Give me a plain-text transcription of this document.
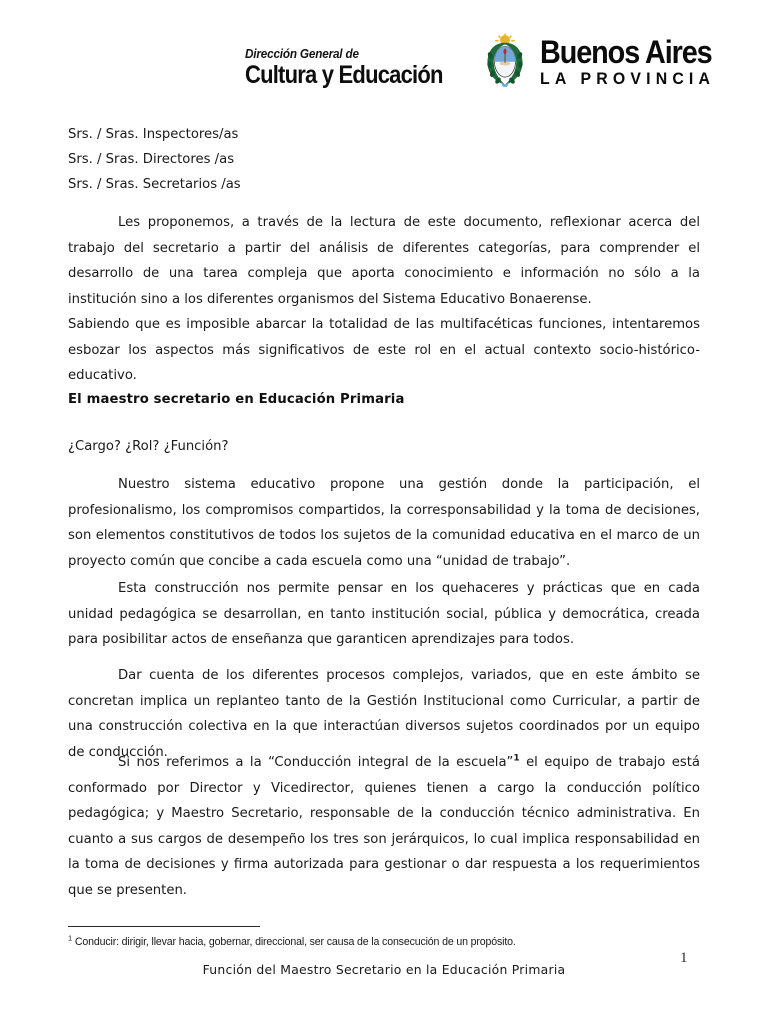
Dirección General de
Cultura y Educación
Buenos Aires
LA PROVINCIA
Srs. / Sras. Inspectores/as
Srs. / Sras. Directores /as
Srs. / Sras. Secretarios /as

Les proponemos, a través de la lectura de este documento, reflexionar acerca del trabajo del secretario a partir del análisis de diferentes categorías, para comprender el desarrollo de una tarea compleja que aporta conocimiento e información no sólo a la institución sino a los diferentes organismos del Sistema Educativo Bonaerense.

Sabiendo que es imposible abarcar la totalidad de las multifacéticas funciones, intentaremos esbozar los aspectos más significativos de este rol en el actual contexto socio-histórico-educativo.

El maestro secretario en Educación Primaria

¿Cargo? ¿Rol? ¿Función?

Nuestro sistema educativo propone una gestión donde la participación, el profesionalismo, los compromisos compartidos, la corresponsabilidad y la toma de decisiones, son elementos constitutivos de todos los sujetos de la comunidad educativa en el marco de un proyecto común que concibe a cada escuela como una “unidad de trabajo”.

Esta construcción nos permite pensar en los quehaceres y prácticas que en cada unidad pedagógica se desarrollan, en tanto institución social, pública y democrática, creada para posibilitar actos de enseñanza que garanticen aprendizajes para todos.

Dar cuenta de los diferentes procesos complejos, variados, que en este ámbito se concretan implica un replanteo tanto de la Gestión Institucional como Curricular, a partir de una construcción colectiva en la que interactúan diversos sujetos coordinados por un equipo de conducción.

Si nos referimos a la “Conducción integral de la escuela”$^1$ el equipo de trabajo está conformado por Director y Vicedirector, quienes tienen a cargo la conducción político pedagógica; y Maestro Secretario, responsable de la conducción técnico administrativa. En cuanto a sus cargos de desempeño los tres son jerárquicos, lo cual implica responsabilidad en la toma de decisiones y firma autorizada para gestionar o dar respuesta a los requerimientos que se presenten.

$^1$ Conducir: dirigir, llevar hacia, gobernar, direccional, ser causa de la consecución de un propósito.
Función del Maestro Secretario en la Educación Primaria
1
